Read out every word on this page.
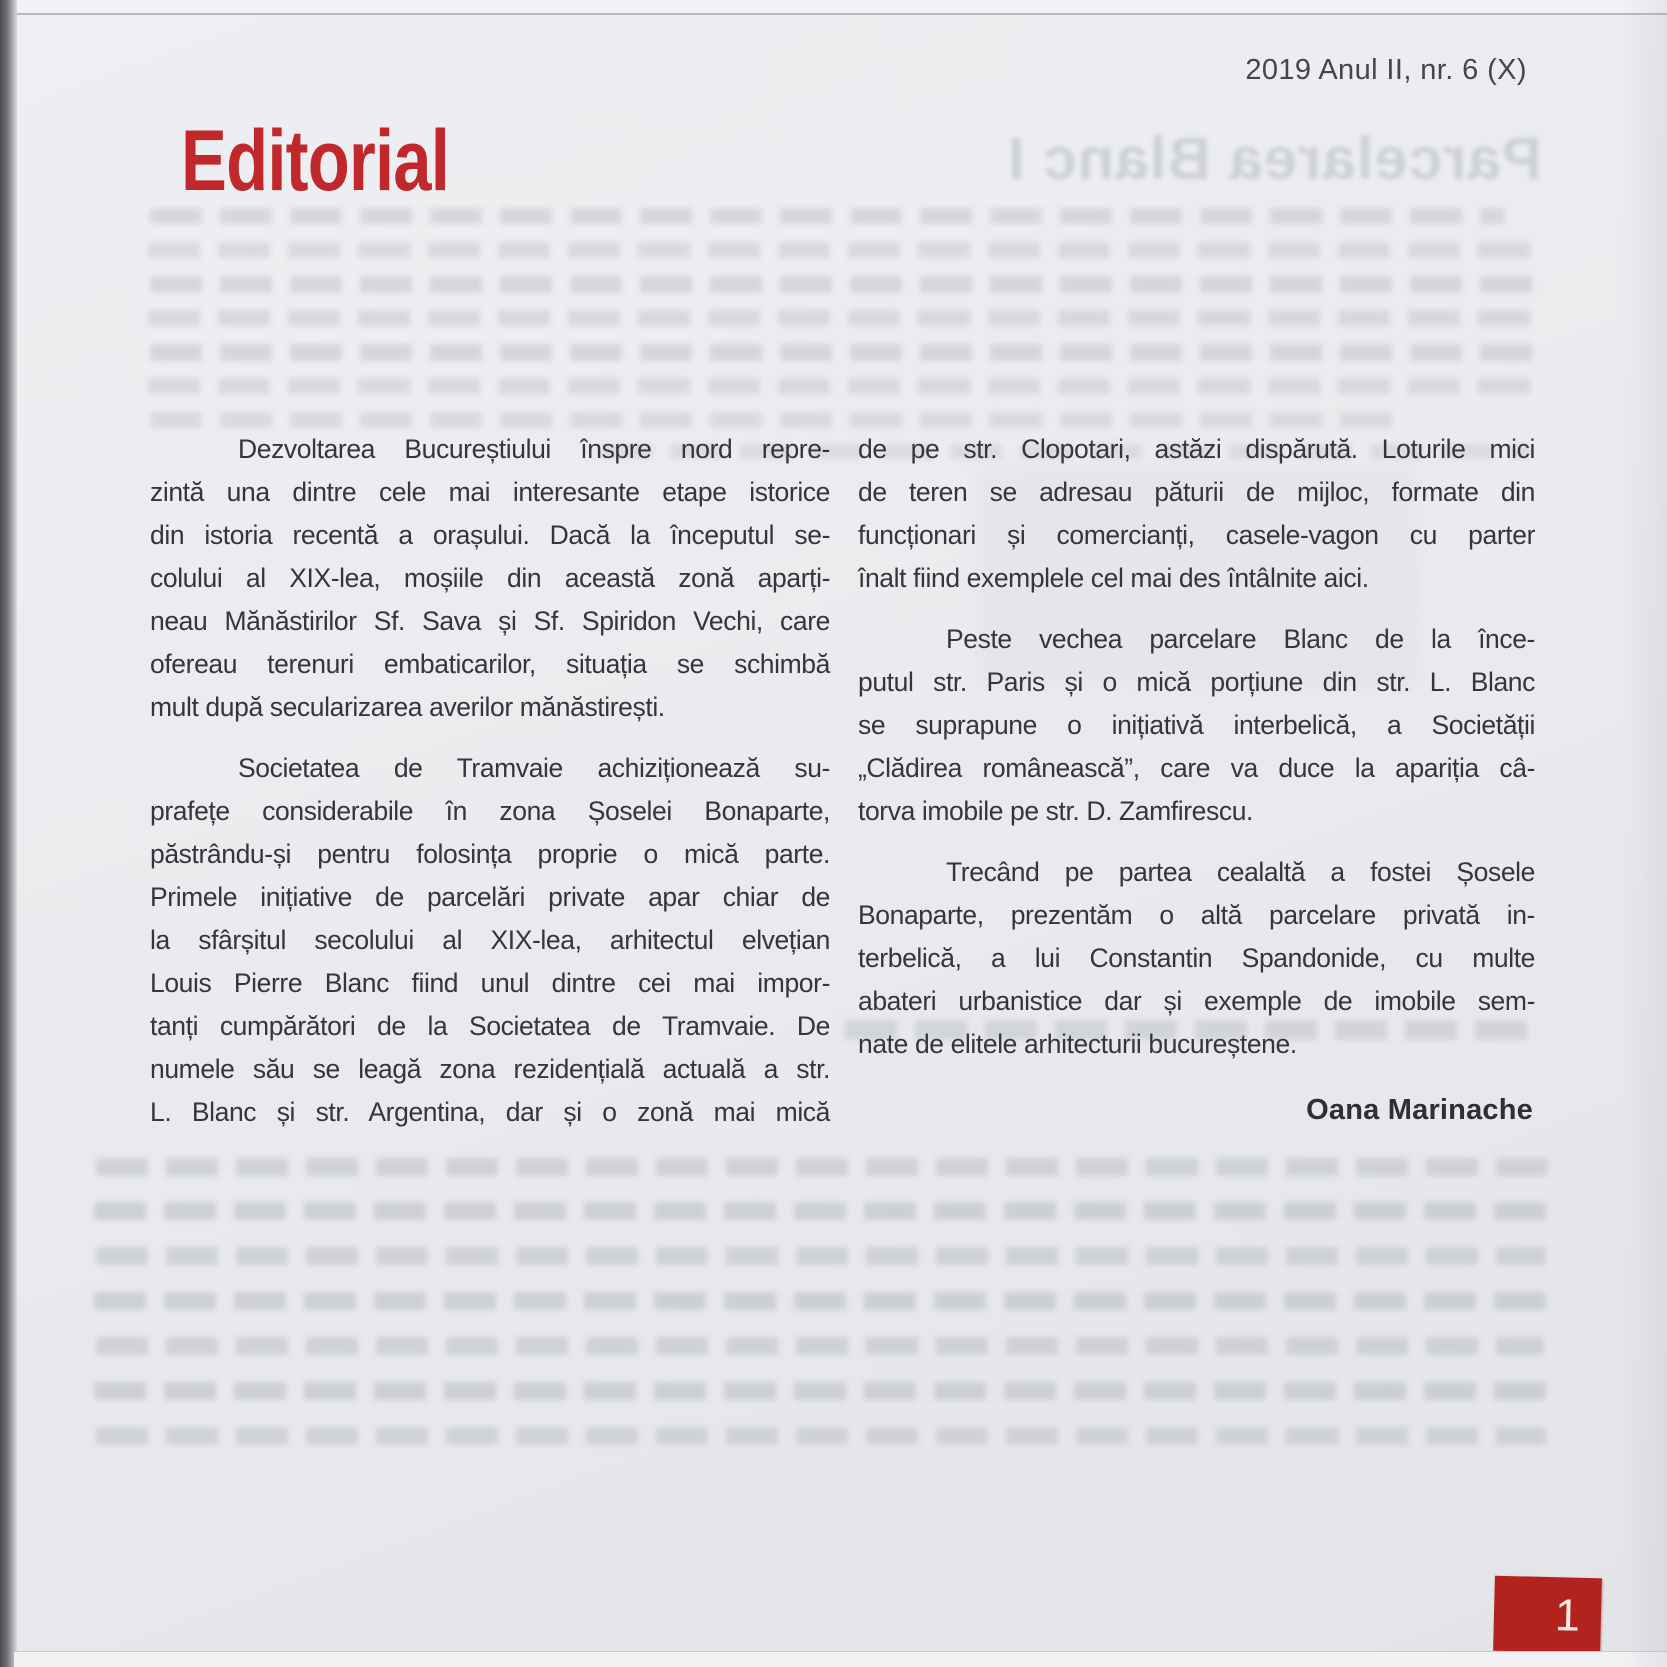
Parcelarea Blanc I
2019 Anul II, nr. 6 (X)
Editorial
Dezvoltarea Bucureștiului înspre nord repre-
zintă una dintre cele mai interesante etape istorice
din istoria recentă a orașului. Dacă la începutul se-
colului al XIX-lea, moșiile din această zonă aparți-
neau Mănăstirilor Sf. Sava și Sf. Spiridon Vechi, care
ofereau terenuri embaticarilor, situația se schimbă
mult după secularizarea averilor mănăstirești.
Societatea de Tramvaie achiziționează su-
prafețe considerabile în zona Șoselei Bonaparte,
păstrându-și pentru folosința proprie o mică parte.
Primele inițiative de parcelări private apar chiar de
la sfârșitul secolului al XIX-lea, arhitectul elvețian
Louis Pierre Blanc fiind unul dintre cei mai impor-
tanți cumpărători de la Societatea de Tramvaie. De
numele său se leagă zona rezidențială actuală a str.
L. Blanc și str. Argentina, dar și o zonă mai mică
de pe str. Clopotari, astăzi dispărută. Loturile mici
de teren se adresau păturii de mijloc, formate din
funcționari și comercianți, casele-vagon cu parter
înalt fiind exemplele cel mai des întâlnite aici.
Peste vechea parcelare Blanc de la înce-
putul str. Paris și o mică porțiune din str. L. Blanc
se suprapune o inițiativă interbelică, a Societății
„Clădirea românească”, care va duce la apariția câ-
torva imobile pe str. D. Zamfirescu.
Trecând pe partea cealaltă a fostei Șosele
Bonaparte, prezentăm o altă parcelare privată in-
terbelică, a lui Constantin Spandonide, cu multe
abateri urbanistice dar și exemple de imobile sem-
nate de elitele arhitecturii bucureștene.
Oana Marinache
1
